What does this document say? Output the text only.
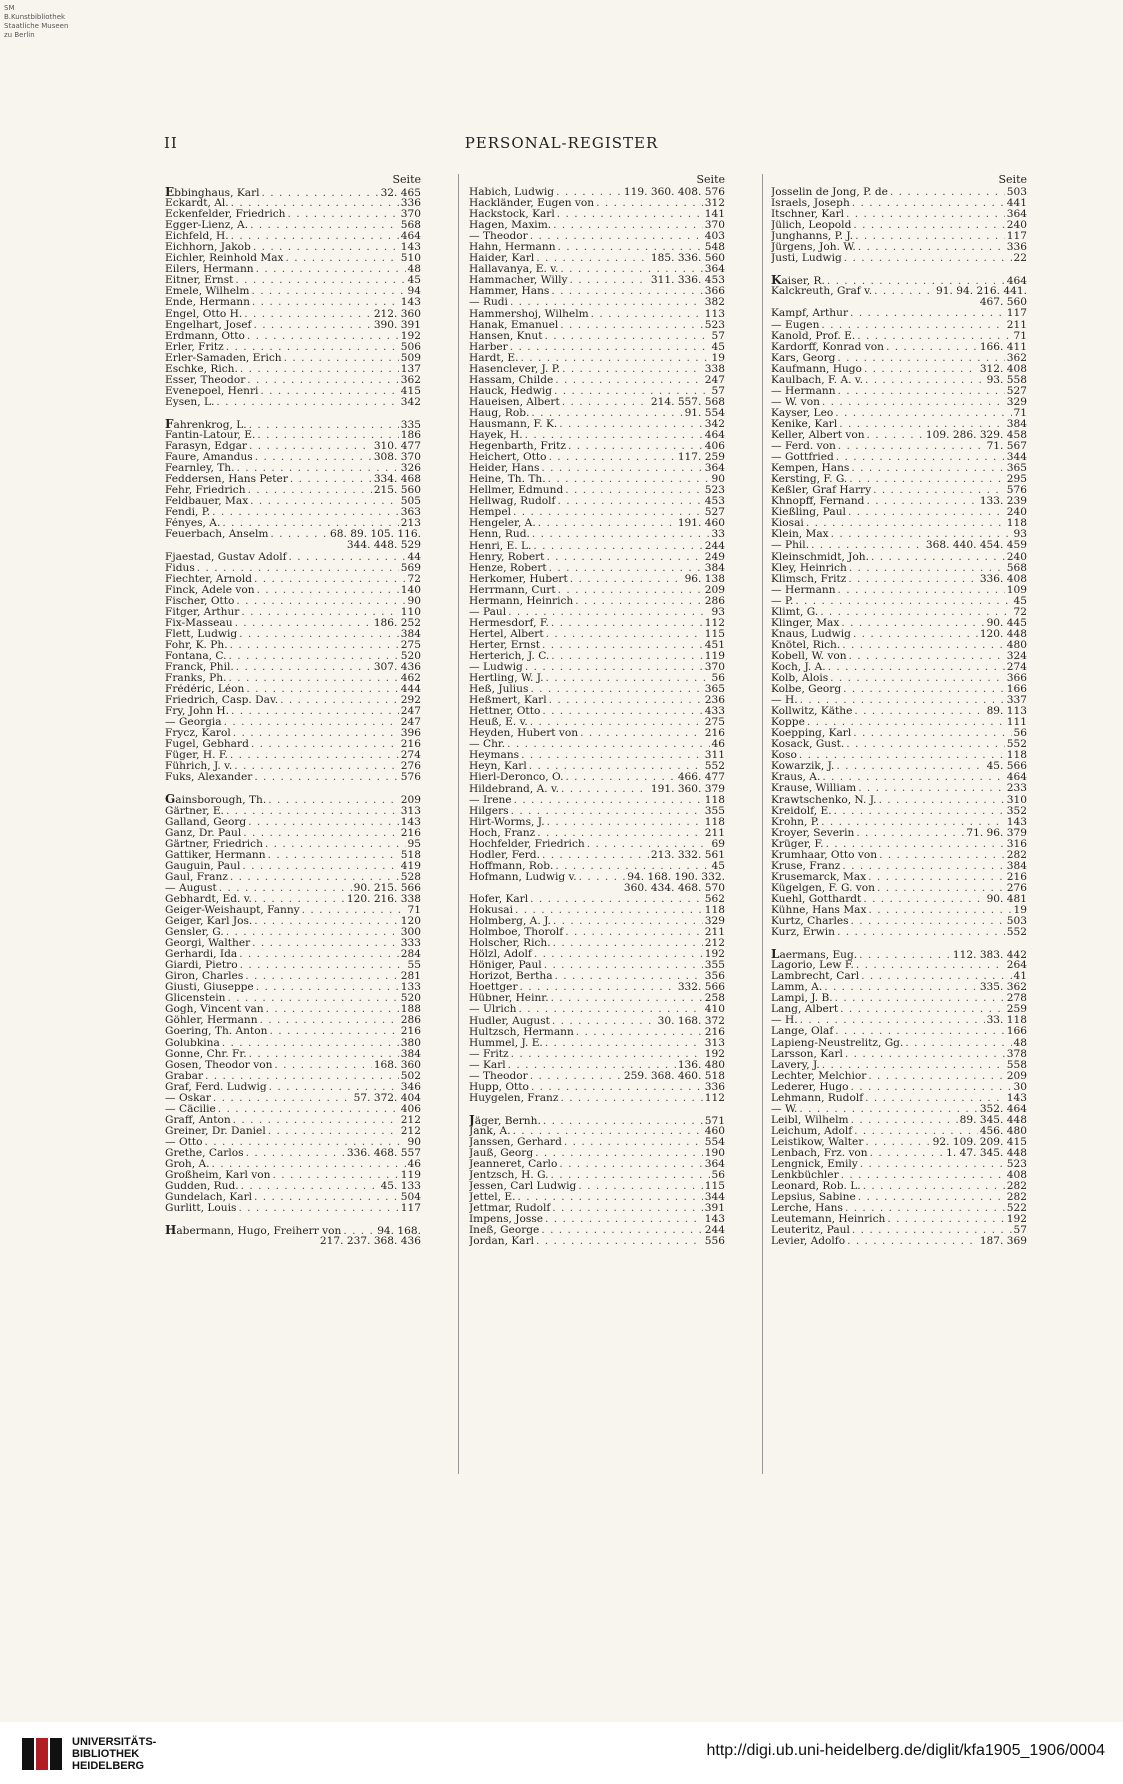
SM
B.Kunstbibliothek
Staatliche Museen
zu Berlin
II	PERSONAL-REGISTER
Seite
Ebbinghaus, Karl . . .	32. 465
Eckardt, Al. . . .	336
Eckenfelder, Friedrich . . .	370
Egger-Lienz, A. . . .	568
Eichfeld, H. . . .	464
Eichhorn, Jakob . . .	143
Eichler, Reinhold Max . . .	510
Eilers, Hermann . . .	48
Eitner, Ernst . . .	45
Emele, Wilhelm . . .	94
Ende, Hermann . . .	143
Engel, Otto H. . . .	212. 360
Engelhart, Josef . . .	390. 391
Erdmann, Otto . . .	192
Erler, Fritz . . .	506
Erler-Samaden, Erich . . .	509
Eschke, Rich. . . .	137
Esser, Theodor . . .	362
Evenepoel, Henri . . .	415
Eysen, L. . . .	342
Fahrenkrog, L. . . .	335
Fantin-Latour, E. . . .	186
Farasyn, Edgar . . .	310. 477
Faure, Amandus . . .	308. 370
Fearnley, Th. . . .	326
Feddersen, Hans Peter . . .	334. 468
Fehr, Friedrich . . .	215. 560
Feldbauer, Max . . .	505
Fendi, P. . . .	363
Fényes, A. . . .	213
Feuerbach, Anselm . . .	68. 89. 105. 116.
344. 448. 529
Fjaestad, Gustav Adolf . . .	44
Fidus . . .	569
Fiechter, Arnold . . .	72
Finck, Adele von . . .	140
Fischer, Otto . . .	90
Fitger, Arthur . . .	110
Fix-Masseau . . .	186. 252
Flett, Ludwig . . .	384
Fohr, K. Ph. . . .	275
Fontana, C. . . .	520
Franck, Phil. . . .	307. 436
Franks, Ph. . . .	462
Frédéric, Léon . . .	444
Friedrich, Casp. Dav. . . .	292
Fry, John H. . . .	247
— Georgia . . .	247
Frycz, Karol . . .	396
Fugel, Gebhard . . .	216
Füger, H. F. . . .	274
Führich, J. v. . . .	276
Fuks, Alexander . . .	576
Gainsborough, Th. . . .	209
Gärtner, E. . . .	313
Galland, Georg . . .	143
Ganz, Dr. Paul . . .	216
Gärtner, Friedrich . . .	95
Gattiker, Hermann . . .	518
Gauguin, Paul . . .	419
Gaul, Franz . . .	528
— August . . .	90. 215. 566
Gebhardt, Ed. v. . . .	120. 216. 338
Geiger-Weishaupt, Fanny . . .	71
Geiger, Karl Jos. . . .	120
Gensler, G. . . .	300
Georgi, Walther . . .	333
Gerhardi, Ida . . .	284
Giardi, Pietro . . .	55
Giron, Charles . . .	281
Giusti, Giuseppe . . .	133
Glicenstein . . .	520
Gogh, Vincent van . . .	188
Göhler, Hermann . . .	286
Goering, Th. Anton . . .	216
Golubkina . . .	380
Gonne, Chr. Fr. . . .	384
Gosen, Theodor von . . .	168. 360
Grabar . . .	502
Graf, Ferd. Ludwig . . .	346
— Oskar . . .	57. 372. 404
— Cäcilie . . .	406
Graff, Anton . . .	212
Greiner, Dr. Daniel . . .	212
— Otto . . .	90
Grethe, Carlos . . .	336. 468. 557
Groh, A. . . .	46
Großheim, Karl von . . .	119
Gudden, Rud. . . .	45. 133
Gundelach, Karl . . .	504
Gurlitt, Louis . . .	117
Habermann, Hugo, Freiherr von . . .	94. 168.
217. 237. 368. 436
Seite
Habich, Ludwig . . .	119. 360. 408. 576
Hackländer, Eugen von . . .	312
Hackstock, Karl . . .	141
Hagen, Maxim. . . .	370
— Theodor . . .	403
Hahn, Hermann . . .	548
Haider, Karl . . .	185. 336. 560
Hallavanya, E. v. . . .	364
Hammacher, Willy . . .	311. 336. 453
Hammer, Hans . . .	366
— Rudi . . .	382
Hammershoj, Wilhelm . . .	113
Hanak, Emanuel . . .	523
Hansen, Knut . . .	57
Harber . . .	45
Hardt, E. . . .	19
Hasenclever, J. P. . . .	338
Hassam, Childe . . .	247
Hauck, Hedwig . . .	57
Haueisen, Albert . . .	214. 557. 568
Haug, Rob. . . .	91. 554
Hausmann, F. K. . . .	342
Hayek, H. . . .	464
Hegenbarth, Fritz . . .	406
Heichert, Otto . . .	117. 259
Heider, Hans . . .	364
Heine, Th. Th. . . .	90
Hellmer, Edmund . . .	523
Hellwag, Rudolf . . .	453
Hempel . . .	527
Hengeler, A. . . .	191. 460
Henn, Rud. . . .	33
Henri, E. L. . . .	244
Henry, Robert . . .	249
Henze, Robert . . .	384
Herkomer, Hubert . . .	96. 138
Herrmann, Curt . . .	209
Hermann, Heinrich . . .	286
— Paul . . .	93
Hermesdorf, F. . . .	112
Hertel, Albert . . .	115
Herter, Ernst . . .	451
Herterich, J. C. . . .	119
— Ludwig . . .	370
Hertling, W. J. . . .	56
Heß, Julius . . .	365
Heßmert, Karl . . .	236
Hettner, Otto . . .	433
Heuß, E. v. . . .	275
Heyden, Hubert von . . .	216
— Chr. . . .	46
Heymans . . .	311
Heyn, Karl . . .	552
Hierl-Deronco, O. . . .	466. 477
Hildebrand, A. v. . . .	191. 360. 379
— Irene . . .	118
Hilgers . . .	355
Hirt-Worms, J. . . .	118
Hoch, Franz . . .	211
Hochfelder, Friedrich . . .	69
Hodler, Ferd. . . .	213. 332. 561
Hoffmann, Rob. . . .	45
Hofmann, Ludwig v. . . .	94. 168. 190. 332.
360. 434. 468. 570
Hofer, Karl . . .	562
Hokusai . . .	118
Holmberg, A. J. . . .	329
Holmboe, Thorolf . . .	211
Holscher, Rich. . . .	212
Hölzl, Adolf . . .	192
Höniger, Paul . . .	355
Horizot, Bertha . . .	356
Hoettger . . .	332. 566
Hübner, Heinr. . . .	258
— Ulrich . . .	410
Hudler, August . . .	30. 168. 372
Hultzsch, Hermann . . .	216
Hummel, J. E. . . .	313
— Fritz . . .	192
— Karl . . .	136. 480
— Theodor . . .	259. 368. 460. 518
Hupp, Otto . . .	336
Huygelen, Franz . . .	112
Jäger, Bernh. . . .	571
Jank, A. . . .	460
Janssen, Gerhard . . .	554
Jauß, Georg . . .	190
Jeanneret, Carlo . . .	364
Jentzsch, H. G. . . .	56
Jessen, Carl Ludwig . . .	115
Jettel, E. . . .	344
Jettmar, Rudolf . . .	391
Impens, Josse . . .	143
Ineß, George . . .	244
Jordan, Karl . . .	556
Seite
Josselin de Jong, P. de . . .	503
Israels, Joseph . . .	441
Itschner, Karl . . .	364
Jülich, Leopold . . .	240
Junghanns, P. J. . . .	117
Jürgens, Joh. W. . . .	336
Justi, Ludwig . . .	22
Kaiser, R. . . .	464
Kalckreuth, Graf v. . . .	91. 94. 216. 441.
467. 560
Kampf, Arthur . . .	117
— Eugen . . .	211
Kanold, Prof. E. . . .	71
Kardorff, Konrad von . . .	166. 411
Kars, Georg . . .	362
Kaufmann, Hugo . . .	312. 408
Kaulbach, F. A. v. . . .	93. 558
— Hermann . . .	527
— W. von . . .	329
Kayser, Leo . . .	71
Kenike, Karl . . .	384
Keller, Albert von . . .	109. 286. 329. 458
— Ferd. von . . .	71. 567
— Gottfried . . .	344
Kempen, Hans . . .	365
Kersting, F. G. . . .	295
Keßler, Graf Harry . . .	576
Khnopff, Fernand . . .	133. 239
Kießling, Paul . . .	240
Kiosai . . .	118
Klein, Max . . .	93
— Phil. . . .	368. 440. 454. 459
Kleinschmidt, Joh. . . .	240
Kley, Heinrich . . .	568
Klimsch, Fritz . . .	336. 408
— Hermann . . .	109
— P. . . .	45
Klimt, G. . . .	72
Klinger, Max . . .	90. 445
Knaus, Ludwig . . .	120. 448
Knötel, Rich. . . .	480
Kobell, W. von . . .	324
Koch, J. A. . . .	274
Kolb, Alois . . .	366
Kolbe, Georg . . .	166
— H. . . .	337
Kollwitz, Käthe . . .	89. 113
Koppe . . .	111
Koepping, Karl . . .	56
Kosack, Gust. . . .	552
Koso . . .	118
Kowarzik, J. . . .	45. 566
Kraus, A. . . .	464
Krause, William . . .	233
Krawtschenko, N. J. . . .	310
Kreidolf, E. . . .	352
Krohn, P. . . .	143
Kroyer, Severin . . .	71. 96. 379
Krüger, F. . . .	316
Krumhaar, Otto von . . .	282
Kruse, Franz . . .	384
Krusemarck, Max . . .	216
Kügelgen, F. G. von . . .	276
Kuehl, Gotthardt . . .	90. 481
Kühne, Hans Max . . .	19
Kurtz, Charles . . .	503
Kurz, Erwin . . .	552
Laermans, Eug. . . .	112. 383. 442
Lagorio, Lew F. . . .	264
Lambrecht, Carl . . .	41
Lamm, A. . . .	335. 362
Lampi, J. B. . . .	278
Lang, Albert . . .	259
— H. . . .	33. 118
Lange, Olaf . . .	166
Lapieng-Neustrelitz, Gg. . . .	48
Larsson, Karl . . .	378
Lavery, J. . . .	558
Lechter, Melchior . . .	209
Lederer, Hugo . . .	30
Lehmann, Rudolf . . .	143
— W. . . .	352. 464
Leibl, Wilhelm . . .	89. 345. 448
Leichum, Adolf . . .	456. 480
Leistikow, Walter . . .	92. 109. 209. 415
Lenbach, Frz. von . . .	1. 47. 345. 448
Lengnick, Emily . . .	523
Lenkbüchler . . .	408
Leonard, Rob. L. . . .	282
Lepsius, Sabine . . .	282
Lerche, Hans . . .	522
Leutemann, Heinrich . . .	192
Leuteritz, Paul . . .	57
Levier, Adolfo . . .	187. 369
UNIVERSITÄTS-
BIBLIOTHEK
HEIDELBERG
http://digi.ub.uni-heidelberg.de/diglit/kfa1905_1906/0004
